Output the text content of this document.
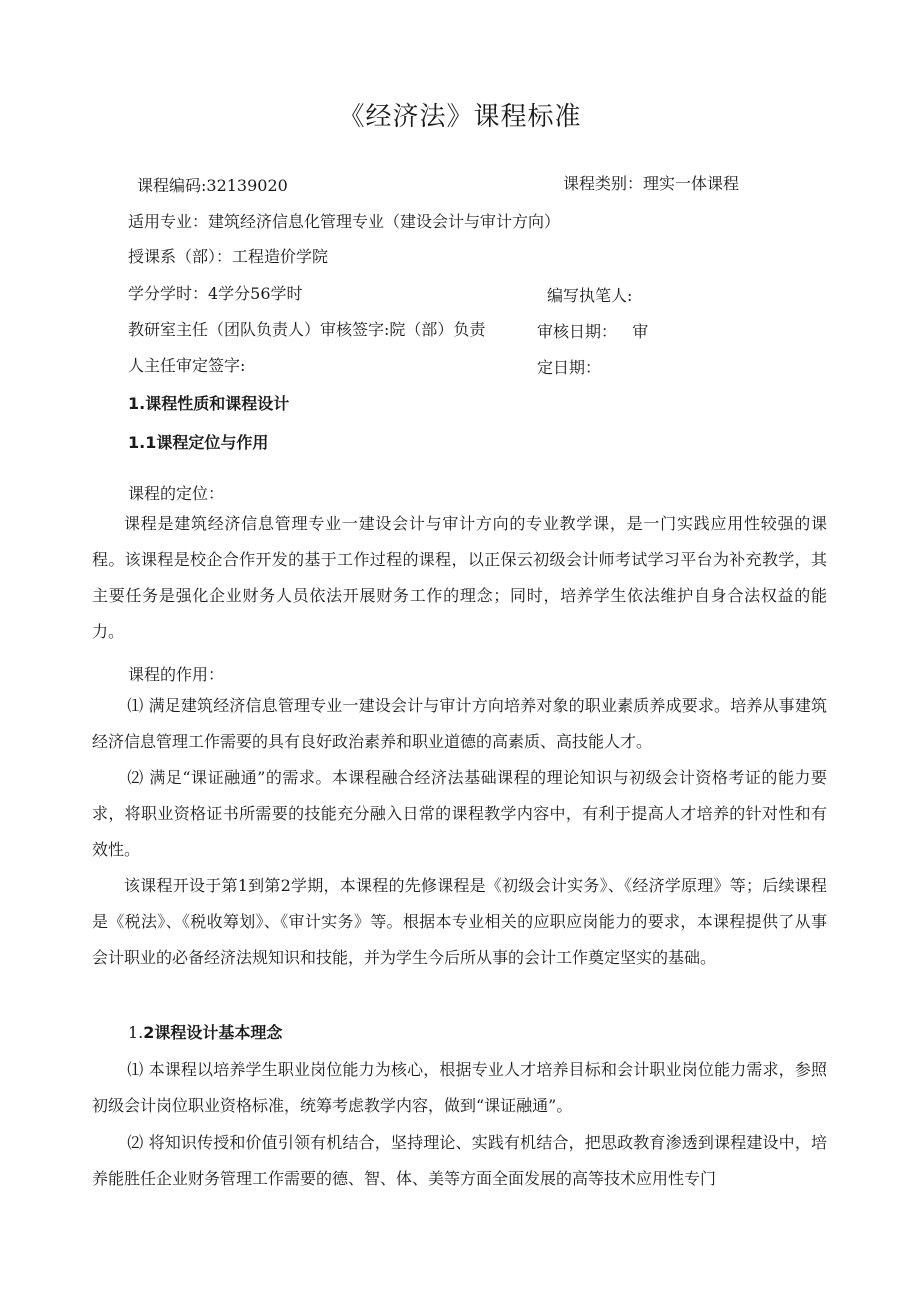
《经济法》课程标准
课程编码:32139020	课程类别：理实一体课程
适用专业：建筑经济信息化管理专业（建设会计与审计方向）
授课系（部）：工程造价学院
学分学时：4学分56学时	编写执笔人:
教研室主任（团队负责人）审核签字:院（部）负责	审核日期：   审
人主任审定签字:	定日期：
1.课程性质和课程设计
1.1课程定位与作用
课程的定位：
课程是建筑经济信息管理专业一建设会计与审计方向的专业教学课，是一门实践应用性较强的课程。该课程是校企合作开发的基于工作过程的课程，以正保云初级会计师考试学习平台为补充教学，其主要任务是强化企业财务人员依法开展财务工作的理念；同时，培养学生依法维护自身合法权益的能力。
课程的作用：
⑴ 满足建筑经济信息管理专业一建设会计与审计方向培养对象的职业素质养成要求。培养从事建筑经济信息管理工作需要的具有良好政治素养和职业道德的高素质、高技能人才。
⑵ 满足“课证融通”的需求。本课程融合经济法基础课程的理论知识与初级会计资格考证的能力要求，将职业资格证书所需要的技能充分融入日常的课程教学内容中，有利于提高人才培养的针对性和有效性。
该课程开设于第1到第2学期，本课程的先修课程是《初级会计实务》、《经济学原理》等；后续课程是《税法》、《税收筹划》、《审计实务》等。根据本专业相关的应职应岗能力的要求，本课程提供了从事会计职业的必备经济法规知识和技能，并为学生今后所从事的会计工作奠定坚实的基础。
1.2课程设计基本理念
⑴ 本课程以培养学生职业岗位能力为核心，根据专业人才培养目标和会计职业岗位能力需求，参照初级会计岗位职业资格标准，统筹考虑教学内容，做到“课证融通”。
⑵ 将知识传授和价值引领有机结合，坚持理论、实践有机结合，把思政教育渗透到课程建设中，培养能胜任企业财务管理工作需要的德、智、体、美等方面全面发展的高等技术应用性专门
